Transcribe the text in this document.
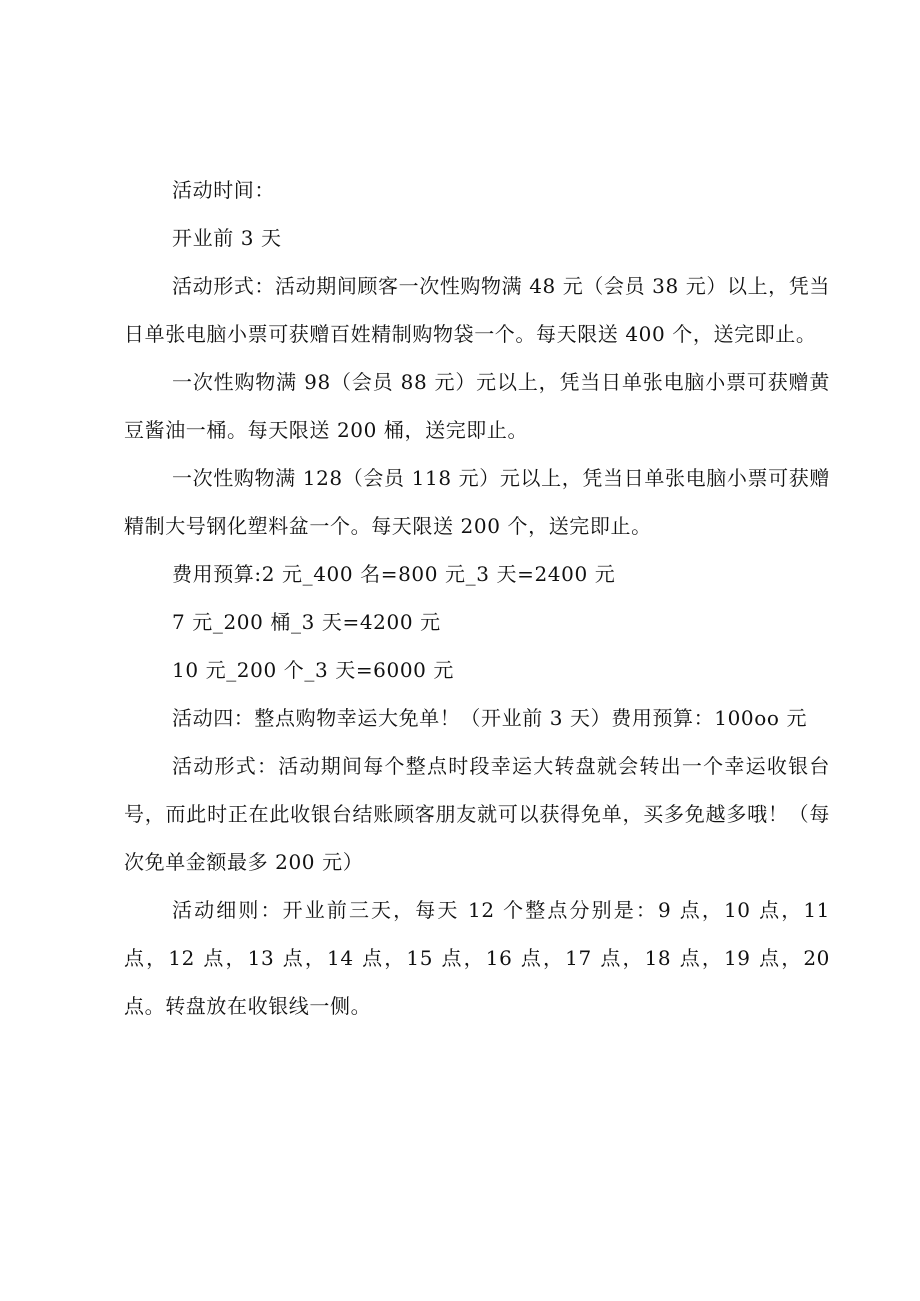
活动时间：

开业前 3 天

活动形式：活动期间顾客一次性购物满 48 元（会员 38 元）以上，凭当日单张电脑小票可获赠百姓精制购物袋一个。每天限送 400 个，送完即止。

一次性购物满 98（会员 88 元）元以上，凭当日单张电脑小票可获赠黄豆酱油一桶。每天限送 200 桶，送完即止。

一次性购物满 128（会员 118 元）元以上，凭当日单张电脑小票可获赠精制大号钢化塑料盆一个。每天限送 200 个，送完即止。

费用预算:2 元_400 名=800 元_3 天=2400 元

7 元_200 桶_3 天=4200 元

10 元_200 个_3 天=6000 元

活动四：整点购物幸运大免单！（开业前 3 天）费用预算：100oo 元

活动形式：活动期间每个整点时段幸运大转盘就会转出一个幸运收银台号，而此时正在此收银台结账顾客朋友就可以获得免单，买多免越多哦！（每次免单金额最多 200 元）

活动细则：开业前三天，每天 12 个整点分别是：9 点，10 点，11 点，12 点，13 点，14 点，15 点，16 点，17 点，18 点，19 点，20 点。转盘放在收银线一侧。
